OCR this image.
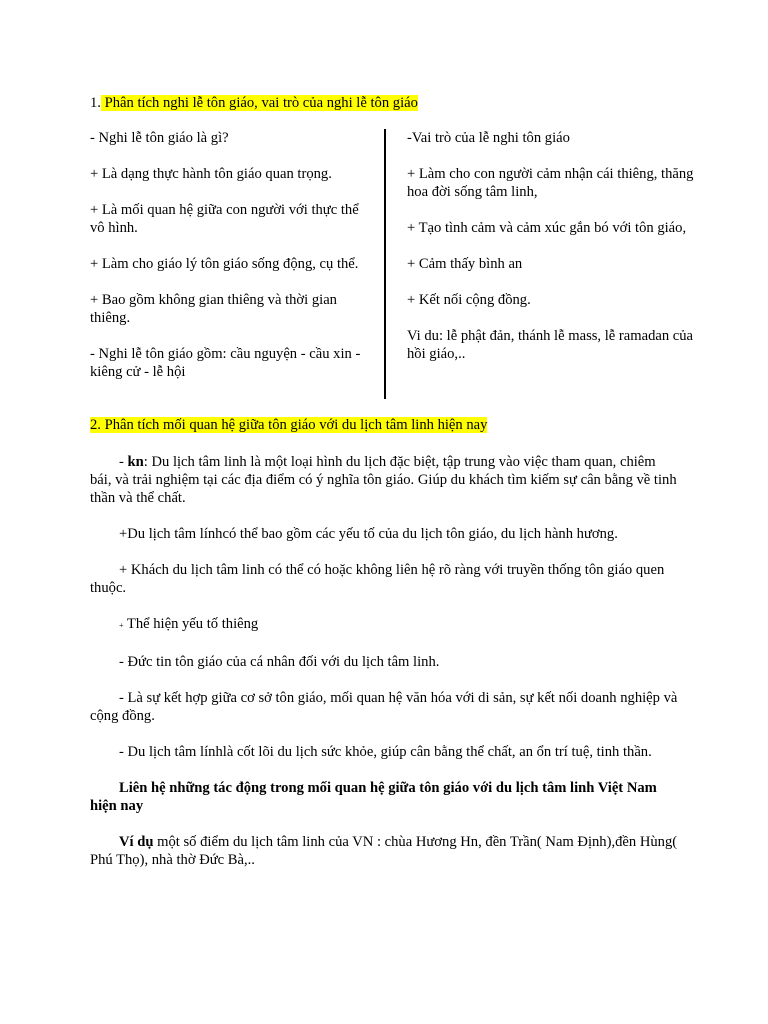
1. Phân tích nghi lễ tôn giáo, vai trò của nghi lễ tôn giáo

- Nghi lễ tôn giáo là gì?

+ Là dạng thực hành tôn giáo quan trọng.

+ Là mối quan hệ giữa con người với thực thể vô hình.

+ Làm cho giáo lý tôn giáo sống động, cụ thể.

+ Bao gồm không gian thiêng và thời gian thiêng.

- Nghi lễ tôn giáo gồm: cầu nguyện - cầu xin - kiêng cử - lễ hội

-Vai trò của lễ nghi tôn giáo

+ Làm cho con người cảm nhận cái thiêng, thăng hoa đời sống tâm linh,

+ Tạo tình cảm và cảm xúc gắn bó với tôn giáo,

+ Cảm thấy bình an

+ Kết nối cộng đồng.

Vi du: lễ phật đản, thánh lễ mass, lễ ramadan của hồi giáo,..

2. Phân tích mối quan hệ giữa tôn giáo với du lịch tâm linh hiện nay

- kn: Du lịch tâm linh là một loại hình du lịch đặc biệt, tập trung vào việc tham quan, chiêm bái, và trải nghiệm tại các địa điểm có ý nghĩa tôn giáo. Giúp du khách tìm kiếm sự cân bằng về tinh thần và thể chất.

+Du lịch tâm línhcó thể bao gồm các yếu tố của du lịch tôn giáo, du lịch hành hương.

+ Khách du lịch tâm linh có thể có hoặc không liên hệ rõ ràng với truyền thống tôn giáo quen thuộc.

+ Thể hiện yếu tố thiêng

- Đức tin tôn giáo của cá nhân đối với du lịch tâm linh.

- Là sự kết hợp giữa cơ sở tôn giáo, mối quan hệ văn hóa với di sản, sự kết nối doanh nghiệp và cộng đồng.

- Du lịch tâm línhlà cốt lõi du lịch sức khỏe, giúp cân bằng thể chất, an ổn trí tuệ, tinh thần.

Liên hệ những tác động trong mối quan hệ giữa tôn giáo với du lịch tâm linh Việt Nam hiện nay

Ví dụ một số điểm du lịch tâm linh của VN : chùa Hương Hn, đền Trần( Nam Định),đền Hùng( Phú Thọ), nhà thờ Đức Bà,..
